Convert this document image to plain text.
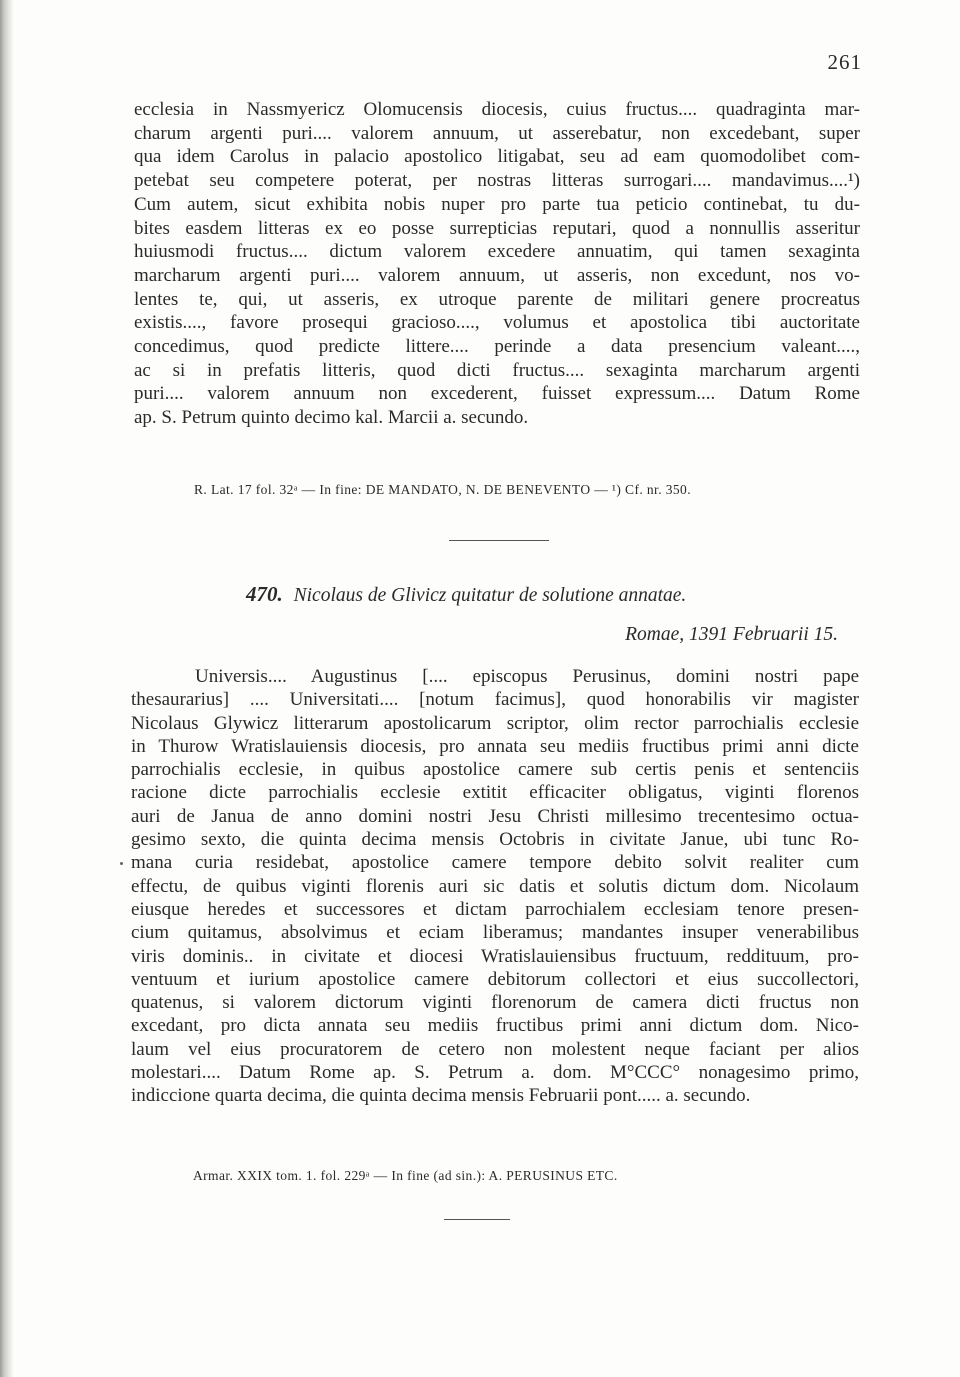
261
ecclesia in Nassmyericz Olomucensis diocesis, cuius fructus.... quadraginta mar-
charum argenti puri.... valorem annuum, ut asserebatur, non excedebant, super
qua idem Carolus in palacio apostolico litigabat, seu ad eam quomodolibet com-
petebat seu competere poterat, per nostras litteras surrogari.... mandavimus....¹)
Cum autem, sicut exhibita nobis nuper pro parte tua peticio continebat, tu du-
bites easdem litteras ex eo posse surrepticias reputari, quod a nonnullis asseritur
huiusmodi fructus.... dictum valorem excedere annuatim, qui tamen sexaginta
marcharum argenti puri.... valorem annuum, ut asseris, non excedunt, nos vo-
lentes te, qui, ut asseris, ex utroque parente de militari genere procreatus
existis...., favore prosequi gracioso...., volumus et apostolica tibi auctoritate
concedimus, quod predicte littere.... perinde a data presencium valeant....,
ac si in prefatis litteris, quod dicti fructus.... sexaginta marcharum argenti
puri.... valorem annuum non excederent, fuisset expressum.... Datum Rome
ap. S. Petrum quinto decimo kal. Marcii a. secundo.
R. Lat. 17 fol. 32ᵃ — In fine: DE MANDATO, N. DE BENEVENTO — ¹) Cf. nr. 350.
470. Nicolaus de Glivicz quitatur de solutione annatae.
Romae, 1391 Februarii 15.
Universis.... Augustinus [.... episcopus Perusinus, domini nostri pape
thesaurarius] .... Universitati.... [notum facimus], quod honorabilis vir magister
Nicolaus Glywicz litterarum apostolicarum scriptor, olim rector parrochialis ecclesie
in Thurow Wratislauiensis diocesis, pro annata seu mediis fructibus primi anni dicte
parrochialis ecclesie, in quibus apostolice camere sub certis penis et sentenciis
racione dicte parrochialis ecclesie extitit efficaciter obligatus, viginti florenos
auri de Janua de anno domini nostri Jesu Christi millesimo trecentesimo octua-
gesimo sexto, die quinta decima mensis Octobris in civitate Janue, ubi tunc Ro-
mana curia residebat, apostolice camere tempore debito solvit realiter cum
effectu, de quibus viginti florenis auri sic datis et solutis dictum dom. Nicolaum
eiusque heredes et successores et dictam parrochialem ecclesiam tenore presen-
cium quitamus, absolvimus et eciam liberamus; mandantes insuper venerabilibus
viris dominis.. in civitate et diocesi Wratislauiensibus fructuum, reddituum, pro-
ventuum et iurium apostolice camere debitorum collectori et eius succollectori,
quatenus, si valorem dictorum viginti florenorum de camera dicti fructus non
excedant, pro dicta annata seu mediis fructibus primi anni dictum dom. Nico-
laum vel eius procuratorem de cetero non molestent neque faciant per alios
molestari.... Datum Rome ap. S. Petrum a. dom. M°CCC° nonagesimo primo,
indiccione quarta decima, die quinta decima mensis Februarii pont..... a. secundo.
Armar. XXIX tom. 1. fol. 229ᵃ — In fine (ad sin.): A. PERUSINUS ETC.
